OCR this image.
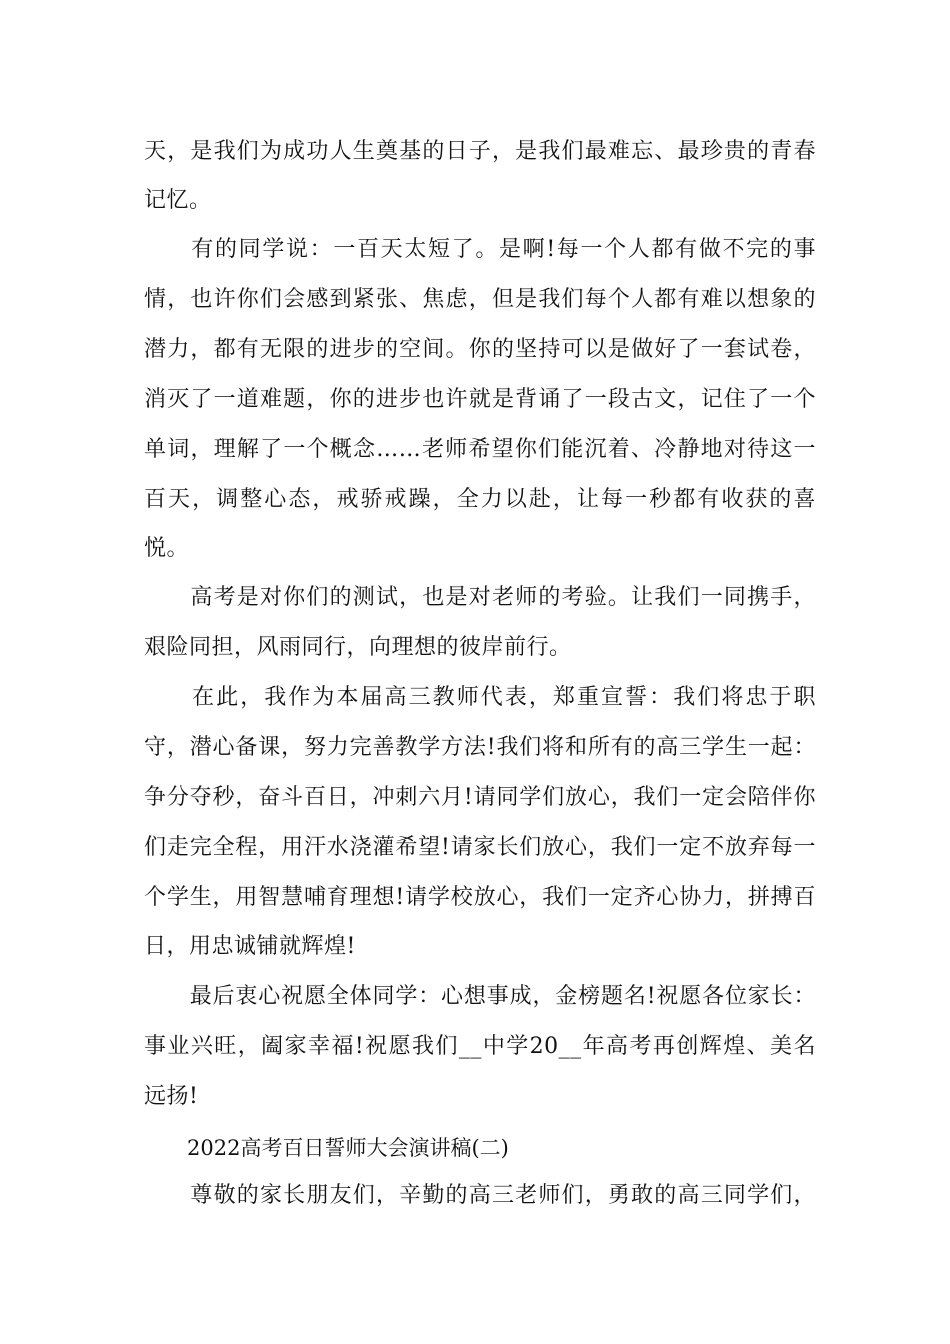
天，是我们为成功人生奠基的日子，是我们最难忘、最珍贵的青春
记忆。
　　有的同学说：一百天太短了。是啊!每一个人都有做不完的事
情，也许你们会感到紧张、焦虑，但是我们每个人都有难以想象的
潜力，都有无限的进步的空间。你的坚持可以是做好了一套试卷，
消灭了一道难题，你的进步也许就是背诵了一段古文，记住了一个
单词，理解了一个概念……老师希望你们能沉着、冷静地对待这一
百天，调整心态，戒骄戒躁，全力以赴，让每一秒都有收获的喜
悦。
　　高考是对你们的测试，也是对老师的考验。让我们一同携手，
艰险同担，风雨同行，向理想的彼岸前行。
　　在此，我作为本届高三教师代表，郑重宣誓：我们将忠于职
守，潜心备课，努力完善教学方法!我们将和所有的高三学生一起：
争分夺秒，奋斗百日，冲刺六月!请同学们放心，我们一定会陪伴你
们走完全程，用汗水浇灌希望!请家长们放心，我们一定不放弃每一
个学生，用智慧哺育理想!请学校放心，我们一定齐心协力，拼搏百
日，用忠诚铺就辉煌!
　　最后衷心祝愿全体同学：心想事成，金榜题名!祝愿各位家长：
事业兴旺，阖家幸福!祝愿我们__中学20__年高考再创辉煌、美名
远扬!
2022高考百日誓师大会演讲稿(二)
　　尊敬的家长朋友们，辛勤的高三老师们，勇敢的高三同学们，
